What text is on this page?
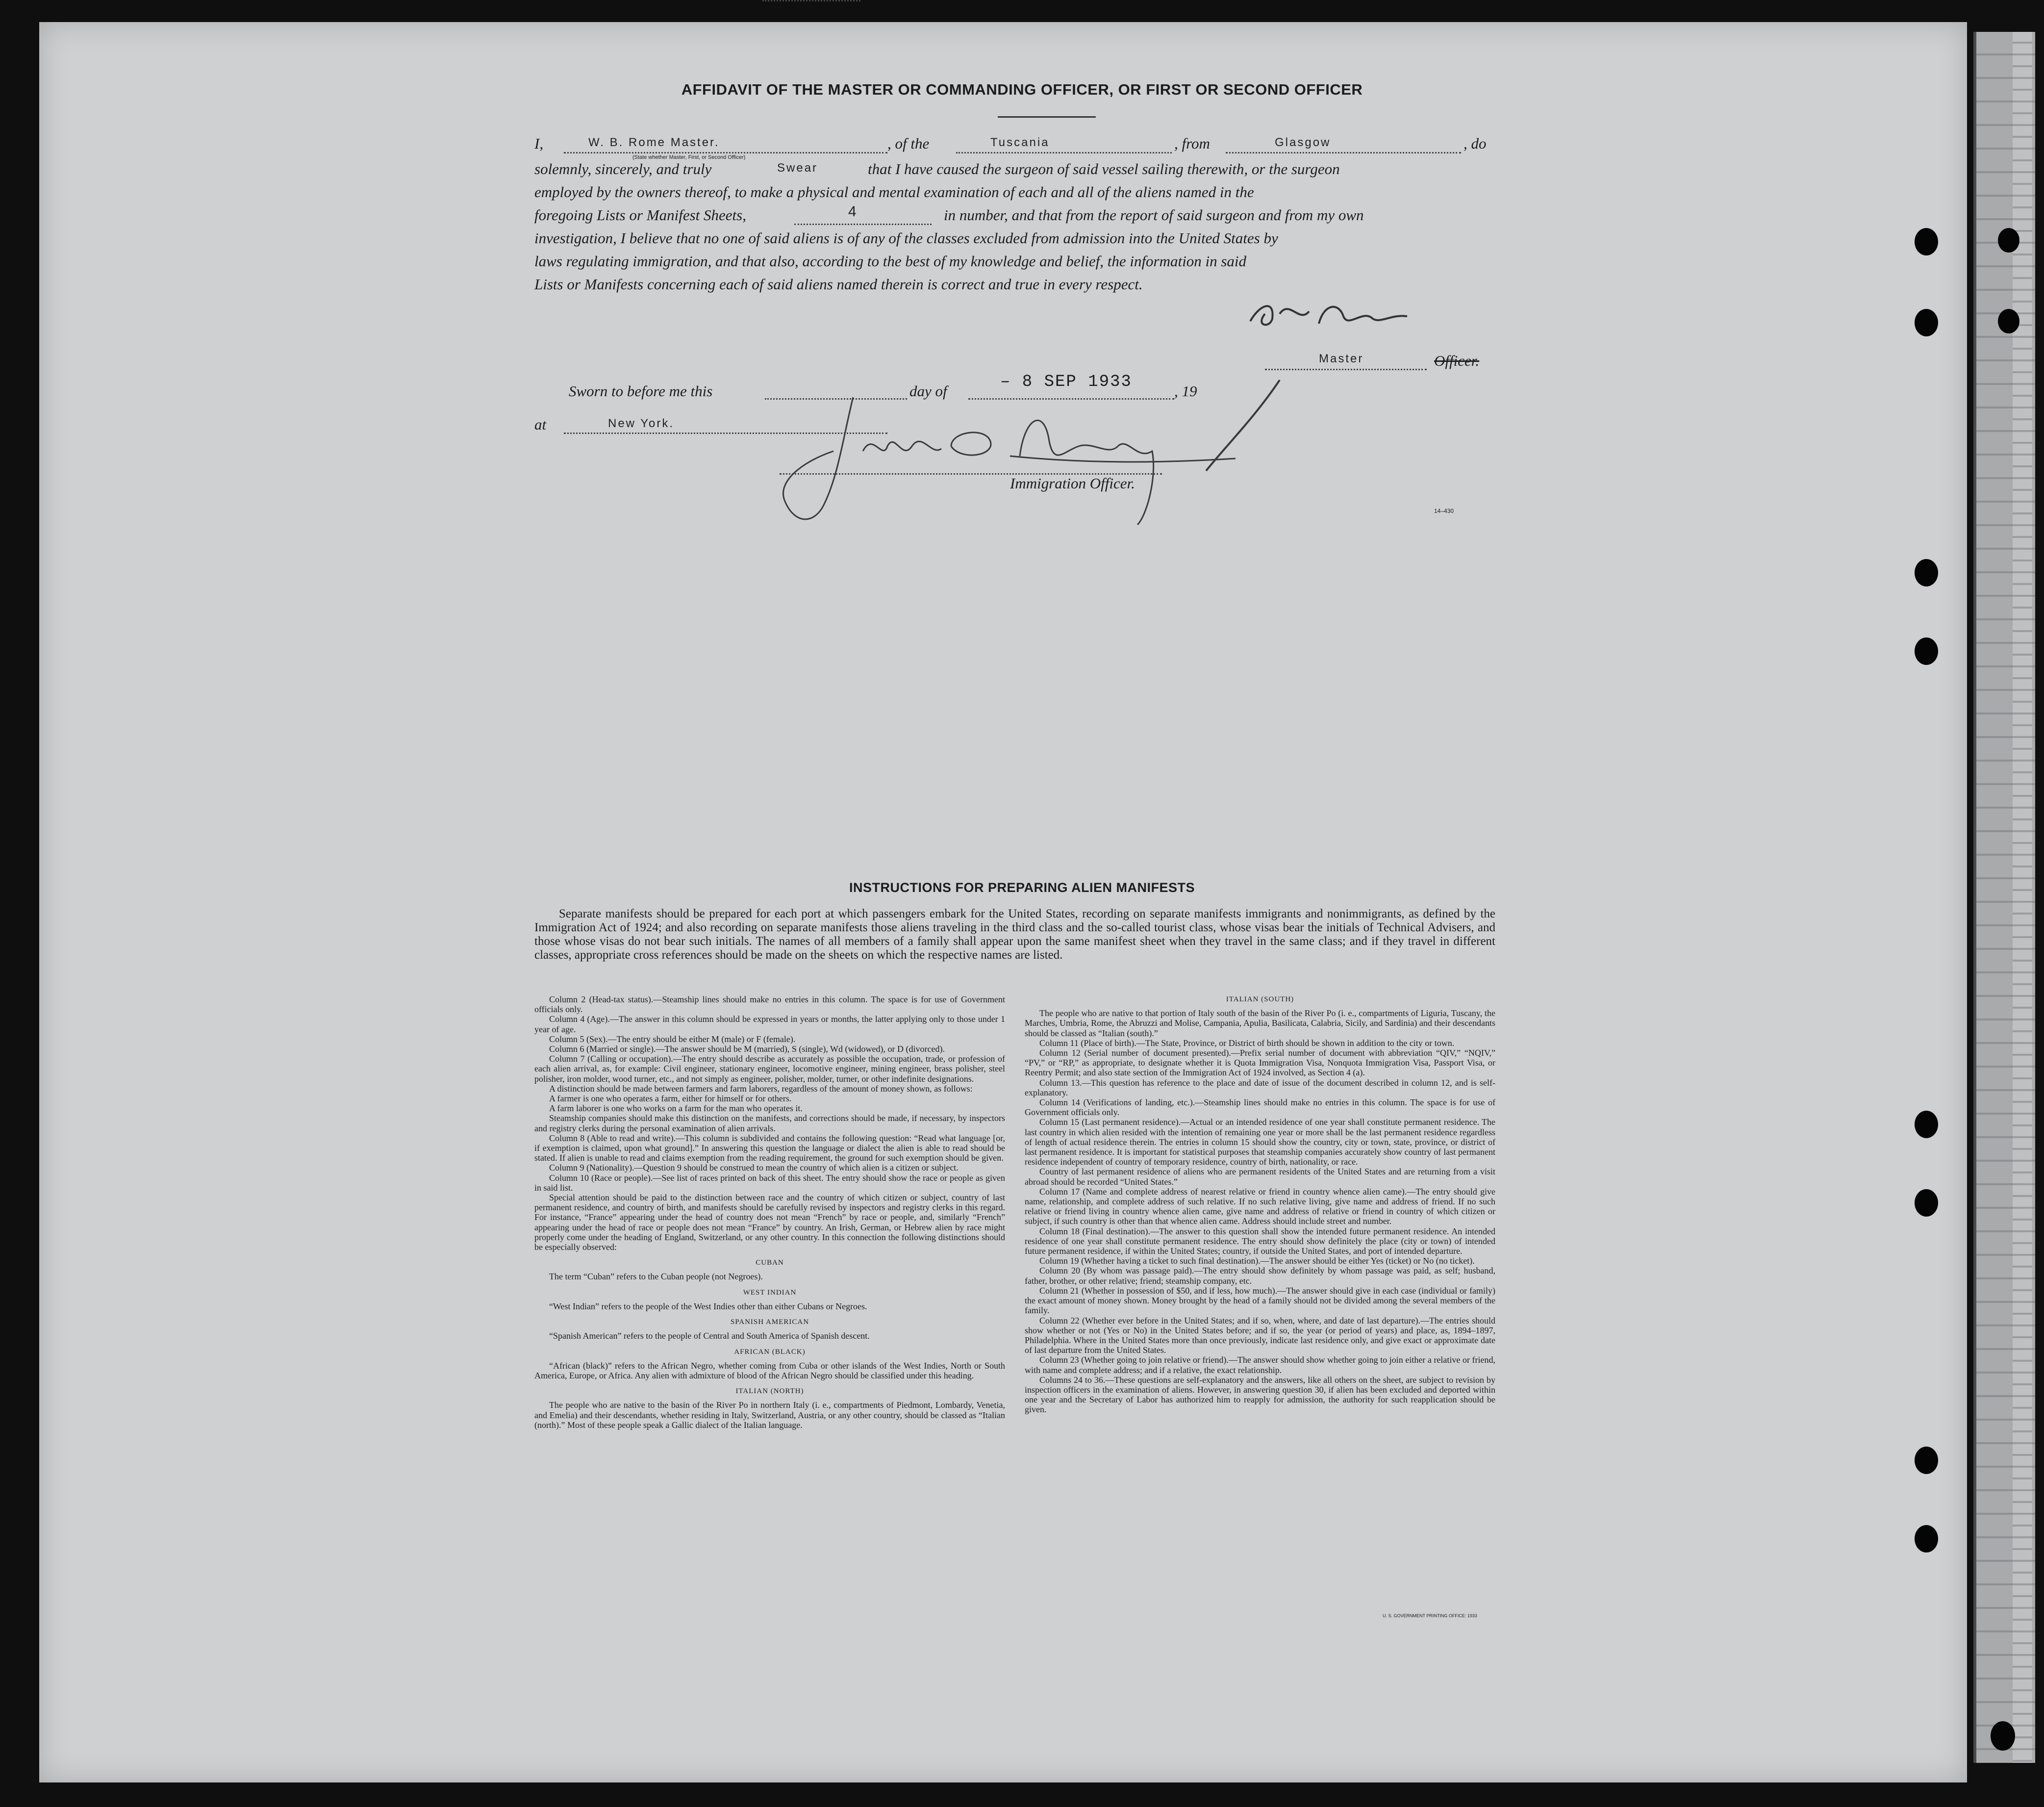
AFFIDAVIT OF THE MASTER OR COMMANDING OFFICER, OR FIRST OR SECOND OFFICER
I,	W. B. Rome Master.
(State whether Master, First, or Second Officer)
, of the	Tuscania	, from	Glasgow	, do
solemnly, sincerely, and truly	Swear	that I have caused the surgeon of said vessel sailing therewith, or the surgeon
employed by the owners thereof, to make a physical and mental examination of each and all of the aliens named in the
foregoing Lists or Manifest Sheets,	4	in number, and that from the report of said surgeon and from my own
investigation, I believe that no one of said aliens is of any of the classes excluded from admission into the United States by
laws regulating immigration, and that also, according to the best of my knowledge and belief, the information in said
Lists or Manifests concerning each of said aliens named therein is correct and true in every respect.
Master	Officer.
Sworn to before me this	day of	– 8 SEP 1933	, 19
at	New York.
Immigration Officer.
14–430
INSTRUCTIONS FOR PREPARING ALIEN MANIFESTS

Separate manifests should be prepared for each port at which passengers embark for the United States, recording on separate manifests immigrants and nonimmigrants, as defined by the Immigration Act of 1924; and also recording on separate manifests those aliens traveling in the third class and the so-called tourist class, whose visas bear the initials of Technical Advisers, and those whose visas do not bear such initials. The names of all members of a family shall appear upon the same manifest sheet when they travel in the same class; and if they travel in different classes, appropriate cross references should be made on the sheets on which the respective names are listed.

Column 2 (Head-tax status).—Steamship lines should make no entries in this column. The space is for use of Government officials only.

Column 4 (Age).—The answer in this column should be expressed in years or months, the latter applying only to those under 1 year of age.

Column 5 (Sex).—The entry should be either M (male) or F (female).

Column 6 (Married or single).—The answer should be M (married), S (single), Wd (widowed), or D (divorced).

Column 7 (Calling or occupation).—The entry should describe as accurately as possible the occupation, trade, or profession of each alien arrival, as, for example: Civil engineer, stationary engineer, locomotive engineer, mining engineer, brass polisher, steel polisher, iron molder, wood turner, etc., and not simply as engineer, polisher, molder, turner, or other indefinite designations.

A distinction should be made between farmers and farm laborers, regardless of the amount of money shown, as follows:

A farmer is one who operates a farm, either for himself or for others.

A farm laborer is one who works on a farm for the man who operates it.

Steamship companies should make this distinction on the manifests, and corrections should be made, if necessary, by inspectors and registry clerks during the personal examination of alien arrivals.

Column 8 (Able to read and write).—This column is subdivided and contains the following question: “Read what language [or, if exemption is claimed, upon what ground].” In answering this question the language or dialect the alien is able to read should be stated. If alien is unable to read and claims exemption from the reading requirement, the ground for such exemption should be given.

Column 9 (Nationality).—Question 9 should be construed to mean the country of which alien is a citizen or subject.

Column 10 (Race or people).—See list of races printed on back of this sheet. The entry should show the race or people as given in said list.

Special attention should be paid to the distinction between race and the country of which citizen or subject, country of last permanent residence, and country of birth, and manifests should be carefully revised by inspectors and registry clerks in this regard. For instance, “France” appearing under the head of country does not mean “French” by race or people, and, similarly “French” appearing under the head of race or people does not mean “France” by country. An Irish, German, or Hebrew alien by race might properly come under the heading of England, Switzerland, or any other country. In this connection the following distinctions should be especially observed:

CUBAN

The term “Cuban” refers to the Cuban people (not Negroes).

WEST INDIAN

“West Indian” refers to the people of the West Indies other than either Cubans or Negroes.

SPANISH AMERICAN

“Spanish American” refers to the people of Central and South America of Spanish descent.

AFRICAN (BLACK)

“African (black)” refers to the African Negro, whether coming from Cuba or other islands of the West Indies, North or South America, Europe, or Africa. Any alien with admixture of blood of the African Negro should be classified under this heading.

ITALIAN (NORTH)

The people who are native to the basin of the River Po in northern Italy (i. e., compartments of Piedmont, Lombardy, Venetia, and Emelia) and their descendants, whether residing in Italy, Switzerland, Austria, or any other country, should be classed as “Italian (north).” Most of these people speak a Gallic dialect of the Italian language.

ITALIAN (SOUTH)

The people who are native to that portion of Italy south of the basin of the River Po (i. e., compartments of Liguria, Tuscany, the Marches, Umbria, Rome, the Abruzzi and Molise, Campania, Apulia, Basilicata, Calabria, Sicily, and Sardinia) and their descendants should be classed as “Italian (south).”

Column 11 (Place of birth).—The State, Province, or District of birth should be shown in addition to the city or town.

Column 12 (Serial number of document presented).—Prefix serial number of document with abbreviation “QIV,” “NQIV,” “PV,” or “RP,” as appropriate, to designate whether it is Quota Immigration Visa, Nonquota Immigration Visa, Passport Visa, or Reentry Permit; and also state section of the Immigration Act of 1924 involved, as Section 4 (a).

Column 13.—This question has reference to the place and date of issue of the document described in column 12, and is self-explanatory.

Column 14 (Verifications of landing, etc.).—Steamship lines should make no entries in this column. The space is for use of Government officials only.

Column 15 (Last permanent residence).—Actual or an intended residence of one year shall constitute permanent residence. The last country in which alien resided with the intention of remaining one year or more shall be the last permanent residence regardless of length of actual residence therein. The entries in column 15 should show the country, city or town, state, province, or district of last permanent residence. It is important for statistical purposes that steamship companies accurately show country of last permanent residence independent of country of temporary residence, country of birth, nationality, or race.

Country of last permanent residence of aliens who are permanent residents of the United States and are returning from a visit abroad should be recorded “United States.”

Column 17 (Name and complete address of nearest relative or friend in country whence alien came).—The entry should give name, relationship, and complete address of such relative. If no such relative living, give name and address of friend. If no such relative or friend living in country whence alien came, give name and address of relative or friend in country of which citizen or subject, if such country is other than that whence alien came. Address should include street and number.

Column 18 (Final destination).—The answer to this question shall show the intended future permanent residence. An intended residence of one year shall constitute permanent residence. The entry should show definitely the place (city or town) of intended future permanent residence, if within the United States; country, if outside the United States, and port of intended departure.

Column 19 (Whether having a ticket to such final destination).—The answer should be either Yes (ticket) or No (no ticket).

Column 20 (By whom was passage paid).—The entry should show definitely by whom passage was paid, as self; husband, father, brother, or other relative; friend; steamship company, etc.

Column 21 (Whether in possession of $50, and if less, how much).—The answer should give in each case (individual or family) the exact amount of money shown. Money brought by the head of a family should not be divided among the several members of the family.

Column 22 (Whether ever before in the United States; and if so, when, where, and date of last departure).—The entries should show whether or not (Yes or No) in the United States before; and if so, the year (or period of years) and place, as, 1894–1897, Philadelphia. Where in the United States more than once previously, indicate last residence only, and give exact or approximate date of last departure from the United States.

Column 23 (Whether going to join relative or friend).—The answer should show whether going to join either a relative or friend, with name and complete address; and if a relative, the exact relationship.

Columns 24 to 36.—These questions are self-explanatory and the answers, like all others on the sheet, are subject to revision by inspection officers in the examination of aliens. However, in answering question 30, if alien has been excluded and deported within one year and the Secretary of Labor has authorized him to reapply for admission, the authority for such reapplication should be given.

U. S. GOVERNMENT PRINTING OFFICE: 1933
